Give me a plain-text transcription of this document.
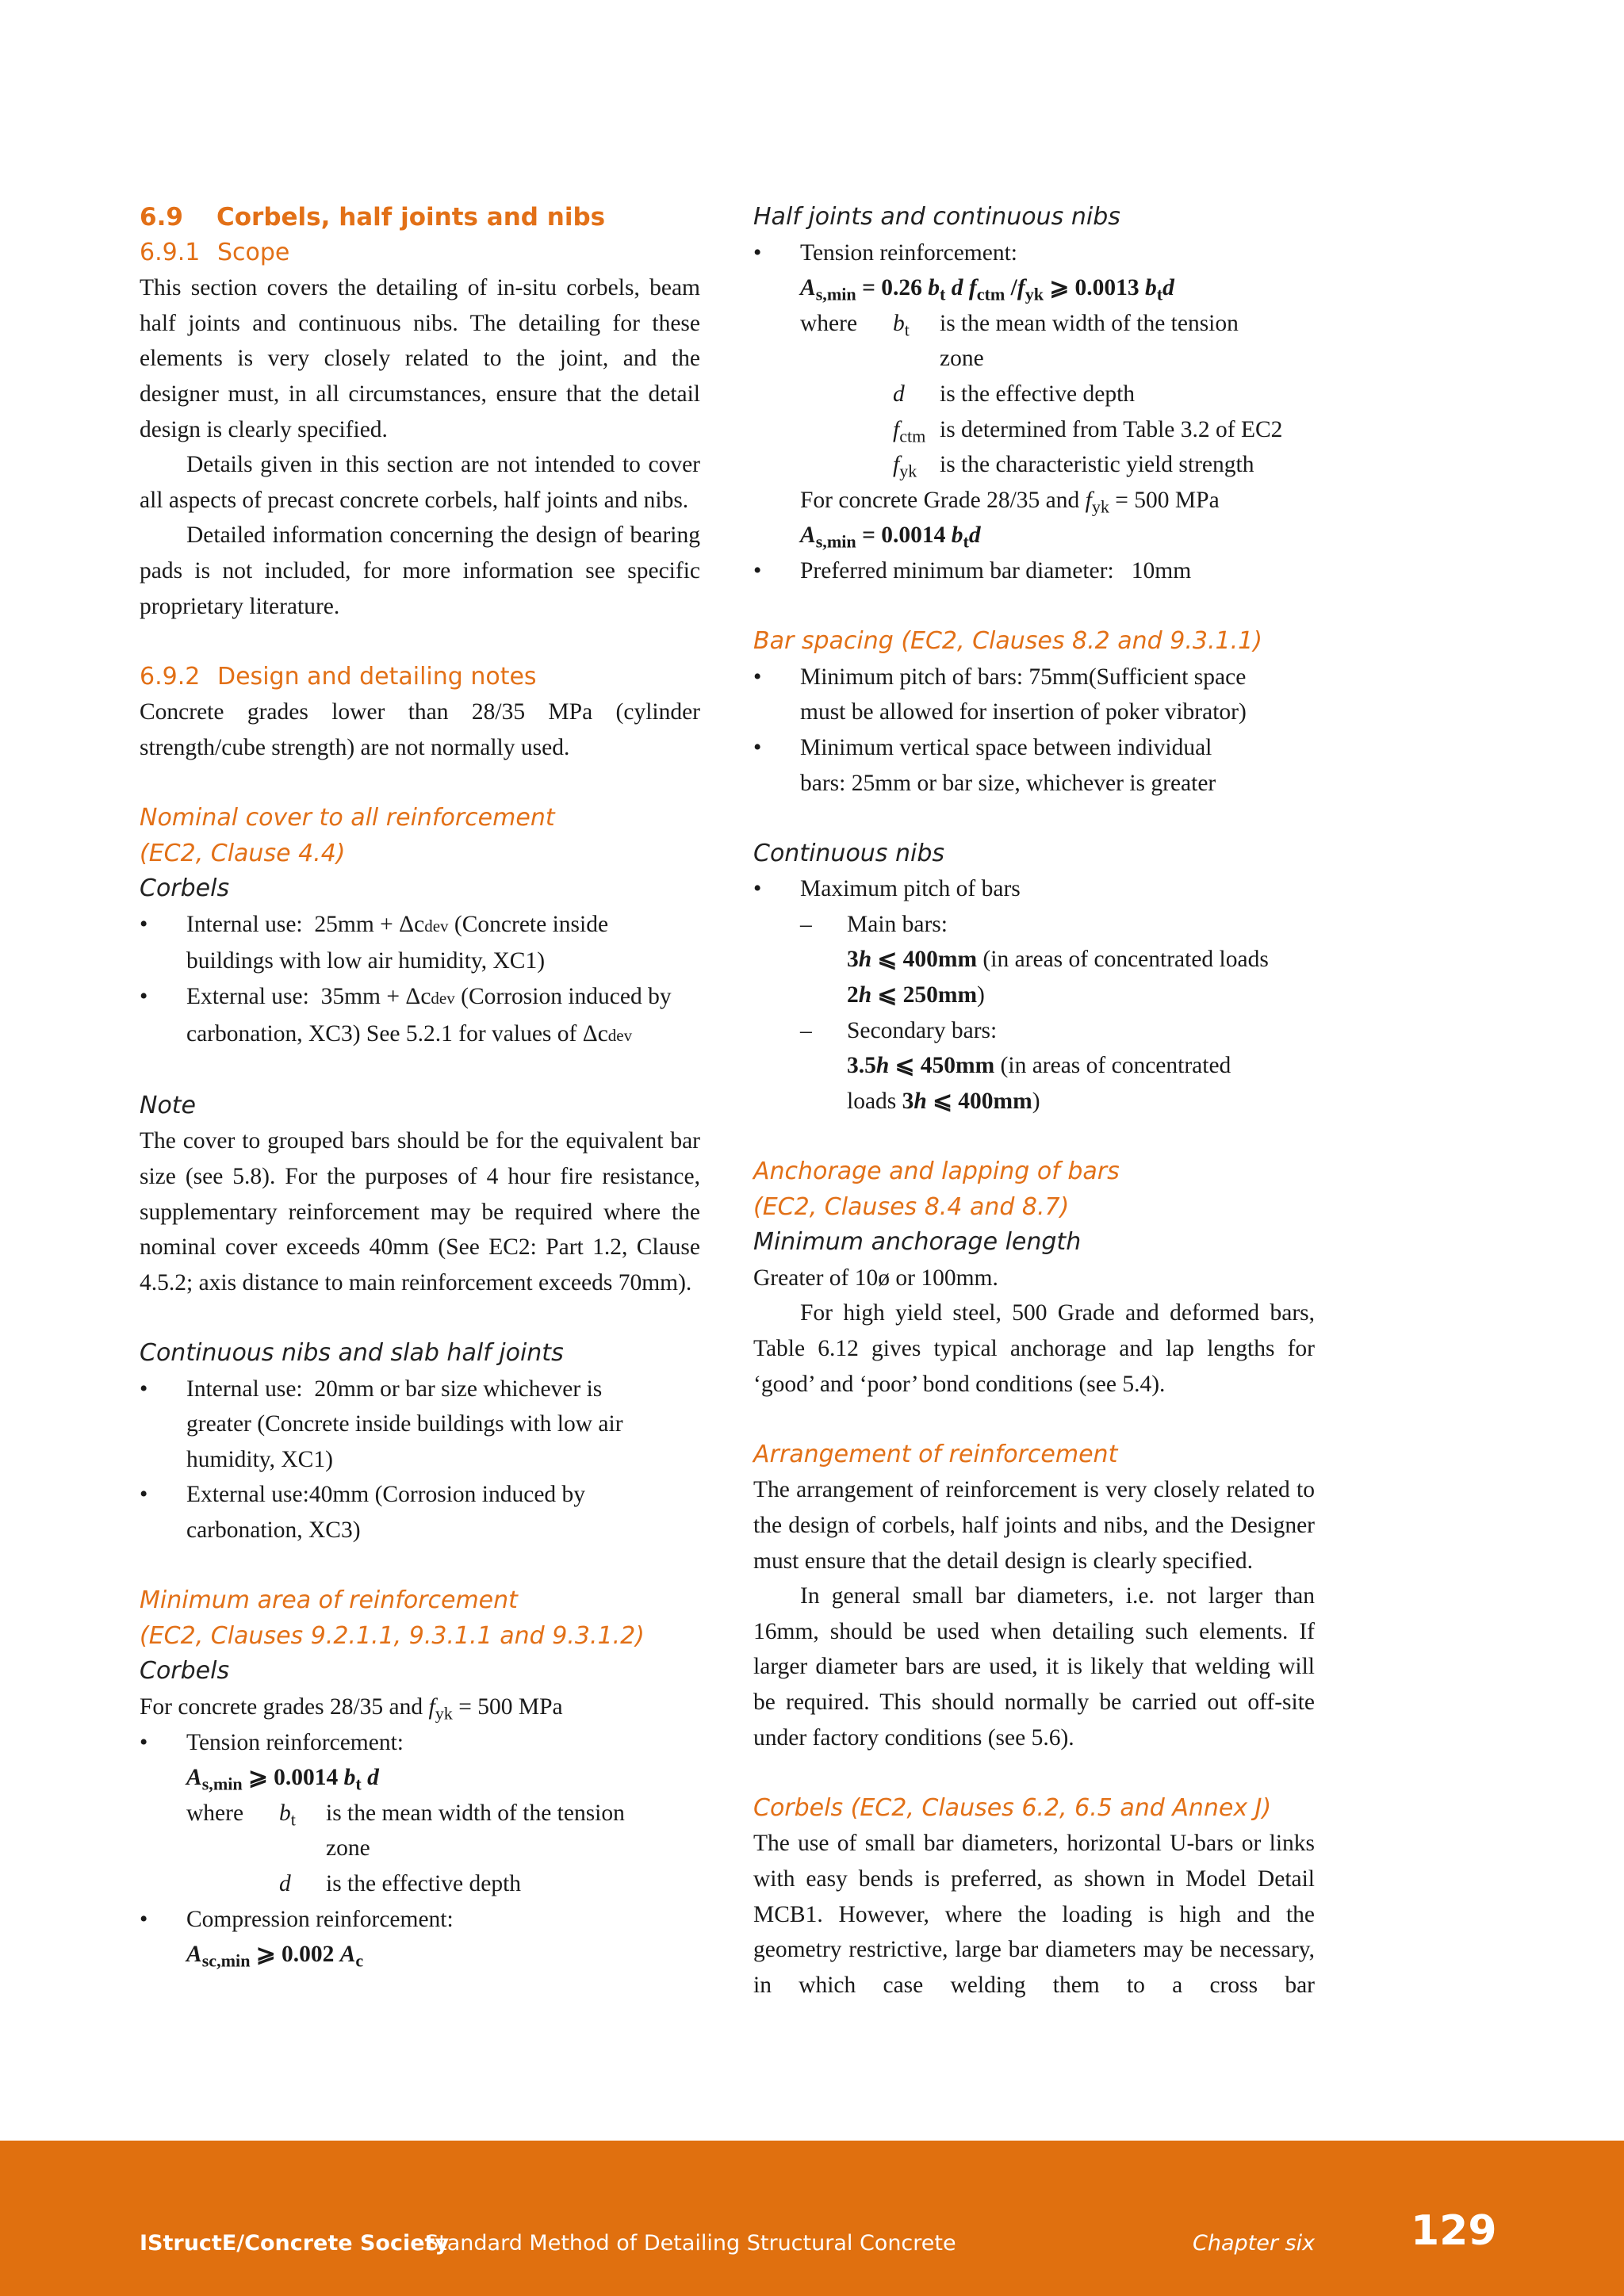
6.9 Corbels, half joints and nibs
6.9.1 Scope
This section covers the detailing of in-situ corbels, beam half joints and continuous nibs. The detailing for these elements is very closely related to the joint, and the designer must, in all circumstances, ensure that the detail design is clearly specified.
Details given in this section are not intended to cover all aspects of precast concrete corbels, half joints and nibs.
Detailed information concerning the design of bearing pads is not included, for more information see specific proprietary literature.
6.9.2 Design and detailing notes
Concrete grades lower than 28/35 MPa (cylinder strength/cube strength) are not normally used.
Nominal cover to all reinforcement
(EC2, Clause 4.4)
Corbels
• Internal use: 25mm + Δcdev (Concrete inside
buildings with low air humidity, XC1)
• External use: 35mm + Δcdev (Corrosion induced by
carbonation, XC3) See 5.2.1 for values of Δcdev
Note
The cover to grouped bars should be for the equivalent bar size (see 5.8). For the purposes of 4 hour fire resistance, supplementary reinforcement may be required where the nominal cover exceeds 40mm (See EC2: Part 1.2, Clause 4.5.2; axis distance to main reinforcement exceeds 70mm).
Continuous nibs and slab half joints
• Internal use: 20mm or bar size whichever is
greater (Concrete inside buildings with low air
humidity, XC1)
• External use:40mm (Corrosion induced by
carbonation, XC3)
Minimum area of reinforcement
(EC2, Clauses 9.2.1.1, 9.3.1.1 and 9.3.1.2)
Corbels
For concrete grades 28/35 and $f_{yk} = 500$ MPa
• Tension reinforcement:
$A_{s,min}$ ⩾ 0.0014 $b_t$ d
where	$b_t$	is the mean width of the tension
zone
d	is the effective depth
• Compression reinforcement:
$A_{sc,min}$ ⩾ 0.002 $A_c$
Half joints and continuous nibs
• Tension reinforcement:
$A_{s,min} = 0.26$ $b_t$ d $f_{ctm}$ $/f_{yk}$ ⩾ 0.0013 $b_td$
where	$b_t$	is the mean width of the tension
zone
d	is the effective depth
$f_{ctm}$ is determined from Table 3.2 of EC2
$f_{yk}$ is the characteristic yield strength
For concrete Grade 28/35 and $f_{yk} = 500$ MPa
$A_{s,min} = 0.0014$ $b_td$
• Preferred minimum bar diameter: 10mm
Bar spacing (EC2, Clauses 8.2 and 9.3.1.1)
• Minimum pitch of bars: 75mm(Sufficient space
must be allowed for insertion of poker vibrator)
• Minimum vertical space between individual
bars: 25mm or bar size, whichever is greater
Continuous nibs
• Maximum pitch of bars
– Main bars:
3h ⩽ 400mm (in areas of concentrated loads
2h ⩽ 250mm)
– Secondary bars:
3.5h ⩽ 450mm (in areas of concentrated
loads 3h ⩽ 400mm)
Anchorage and lapping of bars
(EC2, Clauses 8.4 and 8.7)
Minimum anchorage length
Greater of 10ø or 100mm.
For high yield steel, 500 Grade and deformed bars, Table 6.12 gives typical anchorage and lap lengths for ‘good’ and ‘poor’ bond conditions (see 5.4).
Arrangement of reinforcement
The arrangement of reinforcement is very closely related to the design of corbels, half joints and nibs, and the Designer must ensure that the detail design is clearly specified.
In general small bar diameters, i.e. not larger than 16mm, should be used when detailing such elements. If larger diameter bars are used, it is likely that welding will be required. This should normally be carried out off-site under factory conditions (see 5.6).
Corbels (EC2, Clauses 6.2, 6.5 and Annex J)
The use of small bar diameters, horizontal U-bars or links with easy bends is preferred, as shown in Model Detail MCB1. However, where the loading is high and the geometry restrictive, large bar diameters may be necessary, in which case welding them to a cross bar
IStructE/Concrete Society
Standard Method of Detailing Structural Concrete	Chapter six 129
